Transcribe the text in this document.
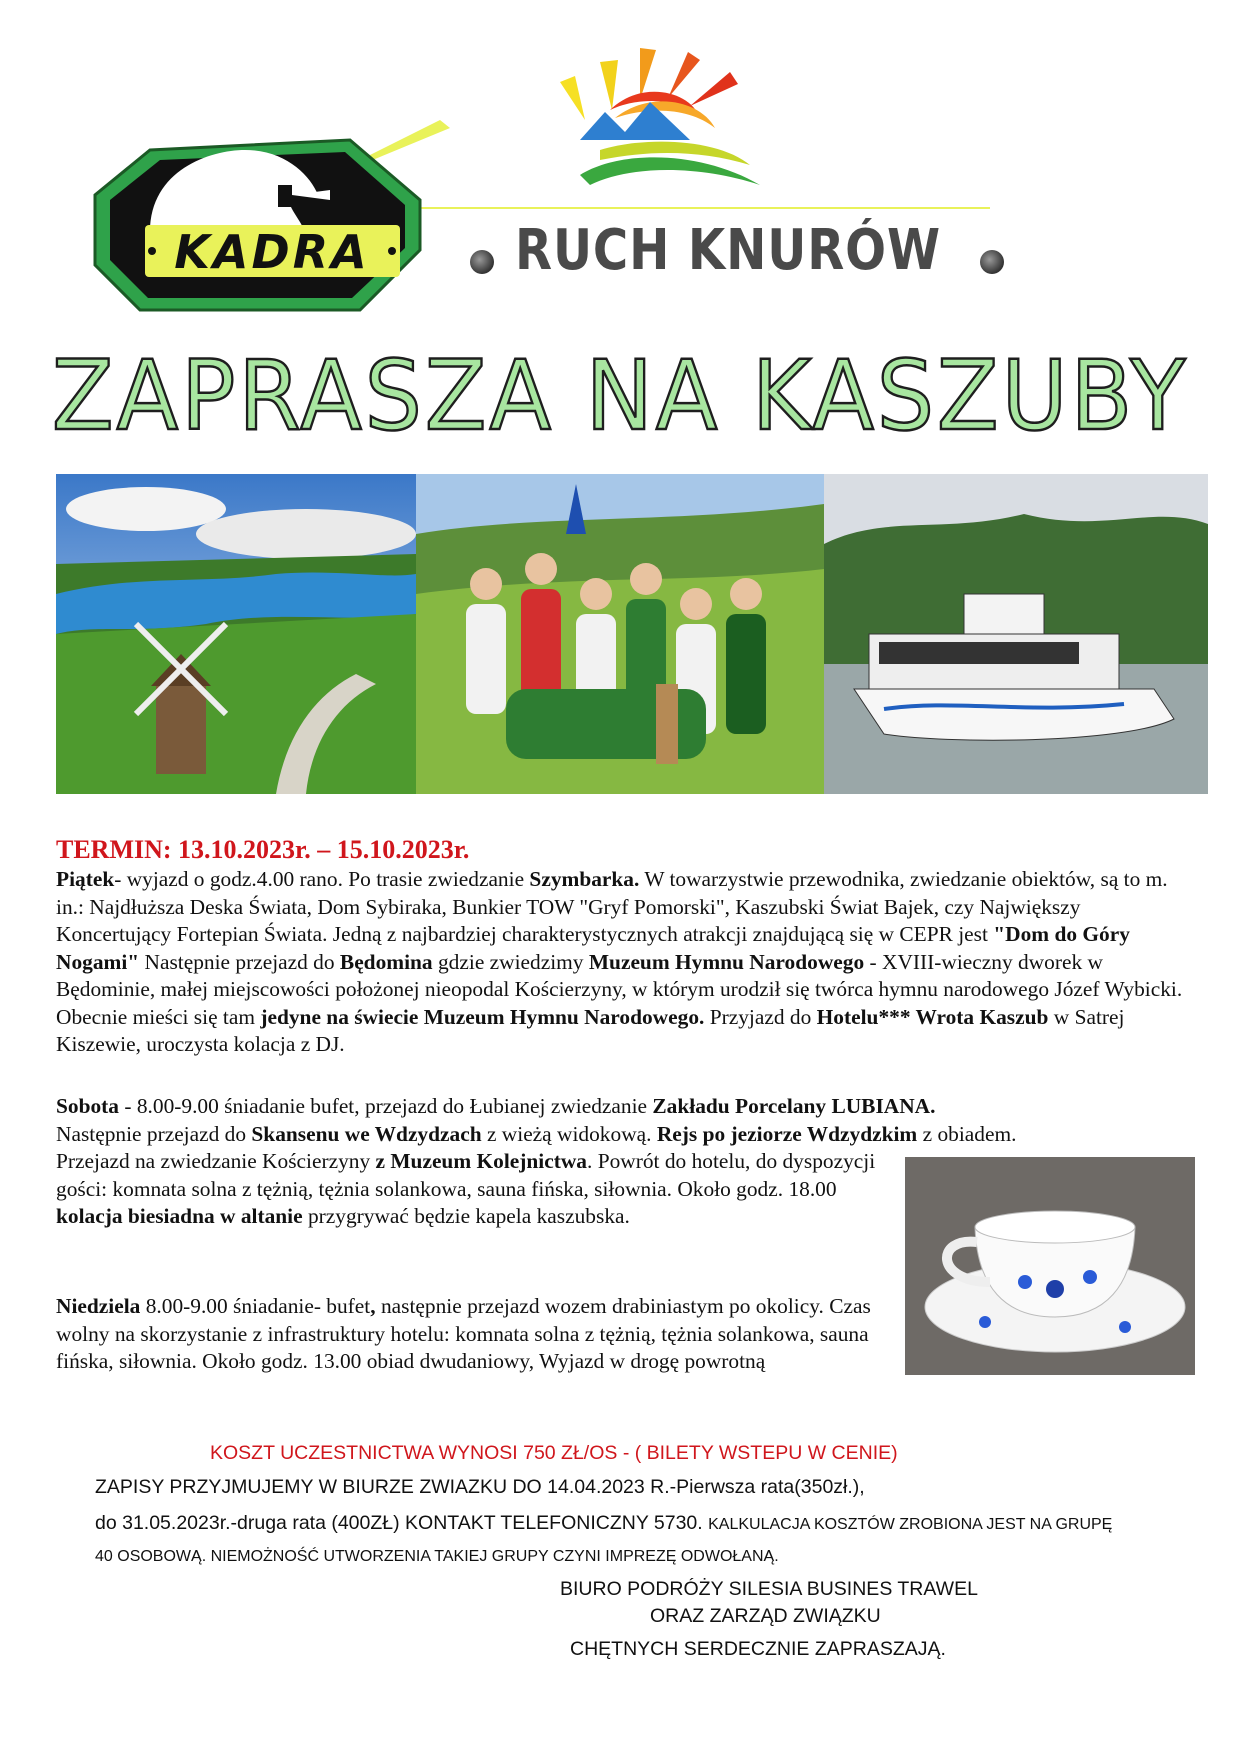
KADRA	RUCH KNURÓW
ZAPRASZA NA KASZUBY
TERMIN: 13.10.2023r. – 15.10.2023r.
Piątek- wyjazd o godz.4.00 rano. Po trasie zwiedzanie Szymbarka. W towarzystwie przewodnika, zwiedzanie obiektów, są to m. in.: Najdłuższa Deska Świata, Dom Sybiraka, Bunkier TOW "Gryf Pomorski", Kaszubski Świat Bajek, czy Największy Koncertujący Fortepian Świata. Jedną z najbardziej charakterystycznych atrakcji znajdującą się w CEPR jest "Dom do Góry Nogami" Następnie przejazd do Będomina gdzie zwiedzimy Muzeum Hymnu Narodowego - XVIII-wieczny dworek w Będominie, małej miejscowości położonej nieopodal Kościerzyny, w którym urodził się twórca hymnu narodowego Józef Wybicki. Obecnie mieści się tam jedyne na świecie Muzeum Hymnu Narodowego. Przyjazd do Hotelu*** Wrota Kaszub w Satrej Kiszewie, uroczysta kolacja z DJ.
Sobota - 8.00-9.00 śniadanie bufet, przejazd do Łubianej zwiedzanie Zakładu Porcelany LUBIANA.
Następnie przejazd do Skansenu we Wdzydzach z wieżą widokową. Rejs po jeziorze Wdzydzkim z obiadem.
Przejazd na zwiedzanie Kościerzyny z Muzeum Kolejnictwa. Powrót do hotelu, do dyspozycji gości: komnata solna z tężnią, tężnia solankowa, sauna fińska, siłownia. Około godz. 18.00 kolacja biesiadna w altanie przygrywać będzie kapela kaszubska.
Niedziela 8.00-9.00 śniadanie- bufet, następnie przejazd wozem drabiniastym po okolicy. Czas wolny na skorzystanie z infrastruktury hotelu: komnata solna z tężnią, tężnia solankowa, sauna fińska, siłownia. Około godz. 13.00 obiad dwudaniowy, Wyjazd w drogę powrotną
KOSZT UCZESTNICTWA WYNOSI 750 ZŁ/OS - ( BILETY WSTEPU W CENIE)
ZAPISY PRZYJMUJEMY W BIURZE ZWIAZKU DO 14.04.2023 R.-Pierwsza rata(350zł.),
do 31.05.2023r.-druga rata (400ZŁ) KONTAKT TELEFONICZNY 5730. KALKULACJA KOSZTÓW ZROBIONA JEST NA GRUPĘ
40 OSOBOWĄ. NIEMOŻNOŚĆ UTWORZENIA TAKIEJ GRUPY CZYNI IMPREZĘ ODWOŁANĄ.
BIURO PODRÓŻY SILESIA BUSINES TRAWEL
ORAZ ZARZĄD ZWIĄZKU
CHĘTNYCH SERDECZNIE ZAPRASZAJĄ.
